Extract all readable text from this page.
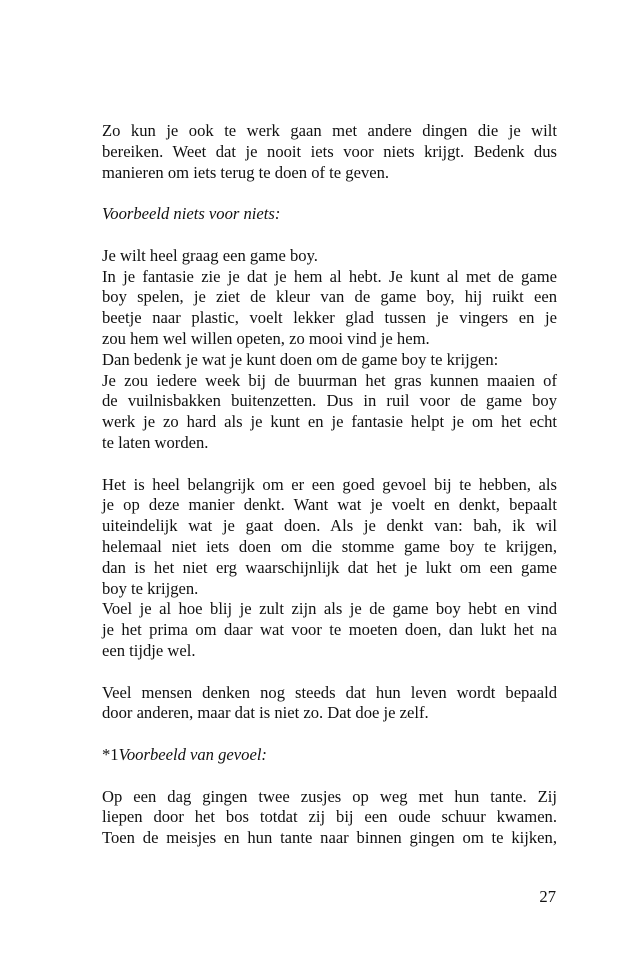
Zo kun je ook te werk gaan met andere dingen die je wilt
bereiken. Weet dat je nooit iets voor niets krijgt. Bedenk dus
manieren om iets terug te doen of te geven.

Voorbeeld niets voor niets:

Je wilt heel graag een game boy.
In je fantasie zie je dat je hem al hebt. Je kunt al met de game
boy spelen, je ziet de kleur van de game boy, hij ruikt een
beetje naar plastic, voelt lekker glad tussen je vingers en je
zou hem wel willen opeten, zo mooi vind je hem.
Dan bedenk je wat je kunt doen om de game boy te krijgen:
Je zou iedere week bij de buurman het gras kunnen maaien of
de vuilnisbakken buitenzetten. Dus in ruil voor de game boy
werk je zo hard als je kunt en je fantasie helpt je om het echt
te laten worden.

Het is heel belangrijk om er een goed gevoel bij te hebben, als
je op deze manier denkt. Want wat je voelt en denkt, bepaalt
uiteindelijk wat je gaat doen. Als je denkt van: bah, ik wil
helemaal niet iets doen om die stomme game boy te krijgen,
dan is het niet erg waarschijnlijk dat het je lukt om een game
boy te krijgen.
Voel je al hoe blij je zult zijn als je de game boy hebt en vind
je het prima om daar wat voor te moeten doen, dan lukt het na
een tijdje wel.

Veel mensen denken nog steeds dat hun leven wordt bepaald
door anderen, maar dat is niet zo. Dat doe je zelf.

*1Voorbeeld van gevoel:

Op een dag gingen twee zusjes op weg met hun tante. Zij
liepen door het bos totdat zij bij een oude schuur kwamen.
Toen de meisjes en hun tante naar binnen gingen om te kijken,

27
